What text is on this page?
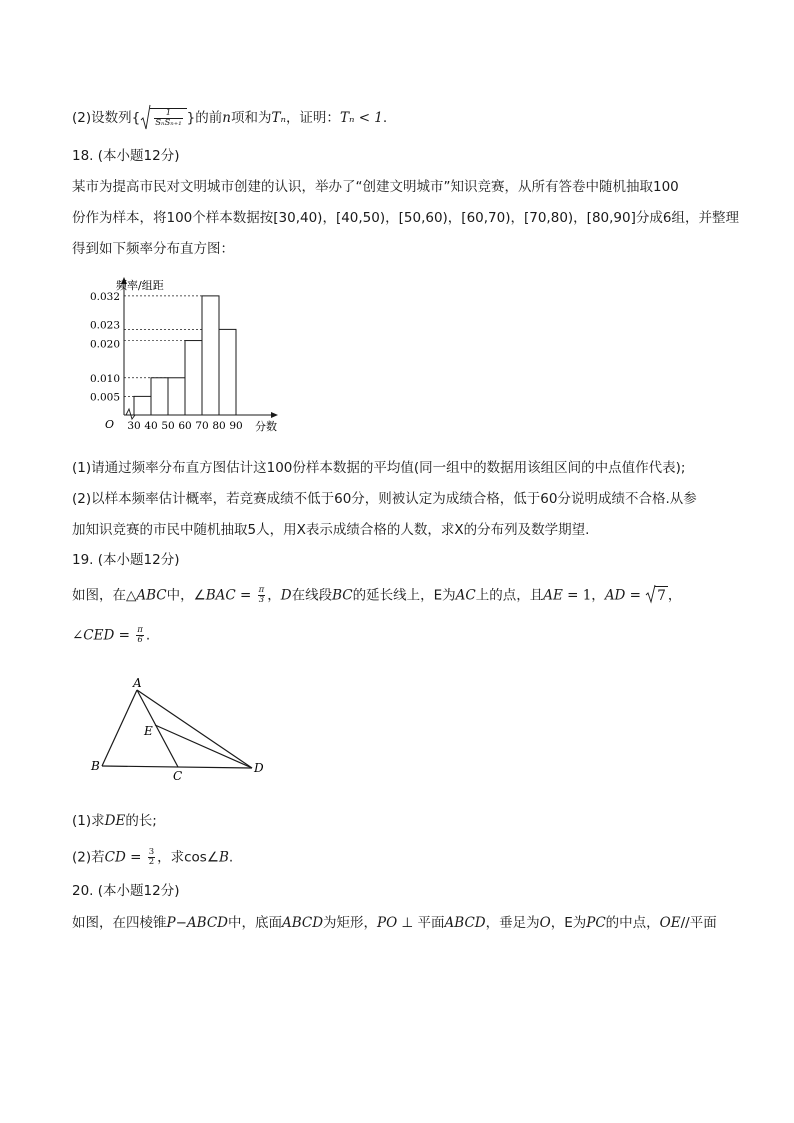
(2)设数列{ $\frac{1}{\text{SₙSₙ₊₁}}$ }的前n项和为Tₙ，证明：Tₙ < 1.
18. (本小题12分)
某市为提高市民对文明城市创建的认识，举办了“创建文明城市”知识竞赛，从所有答卷中随机抽取100
份作为样本，将100个样本数据按[30,40)，[40,50)，[50,60)，[60,70)，[70,80)，[80,90]分成6组，并整理
得到如下频率分布直方图：
0.005
0.010
0.020
0.023
0.032
30 40 50 60 70 80 90
频率/组距
分数
O
(1)请通过频率分布直方图估计这100份样本数据的平均值(同一组中的数据用该组区间的中点值作代表);
(2)以样本频率估计概率，若竞赛成绩不低于60分，则被认定为成绩合格，低于60分说明成绩不合格.从参
加知识竞赛的市民中随机抽取5人，用X表示成绩合格的人数，求X的分布列及数学期望.
19. (本小题12分)
如图，在△ABC中，∠BAC = $\frac{\pi}{3}$ ，D在线段BC的延长线上，E为AC上的点，且AE = 1，AD =
7 ，
∠CED = $\frac{\pi}{6}$ .
A
B
C
D
E
(1)求DE的长;
(2)若CD = $\frac{3}{2}$ ，求cos∠B.
20. (本小题12分)
如图，在四棱锥P−ABCD中，底面ABCD为矩形，PO ⊥ 平面ABCD，垂足为O，E为PC的中点，OE//平面
